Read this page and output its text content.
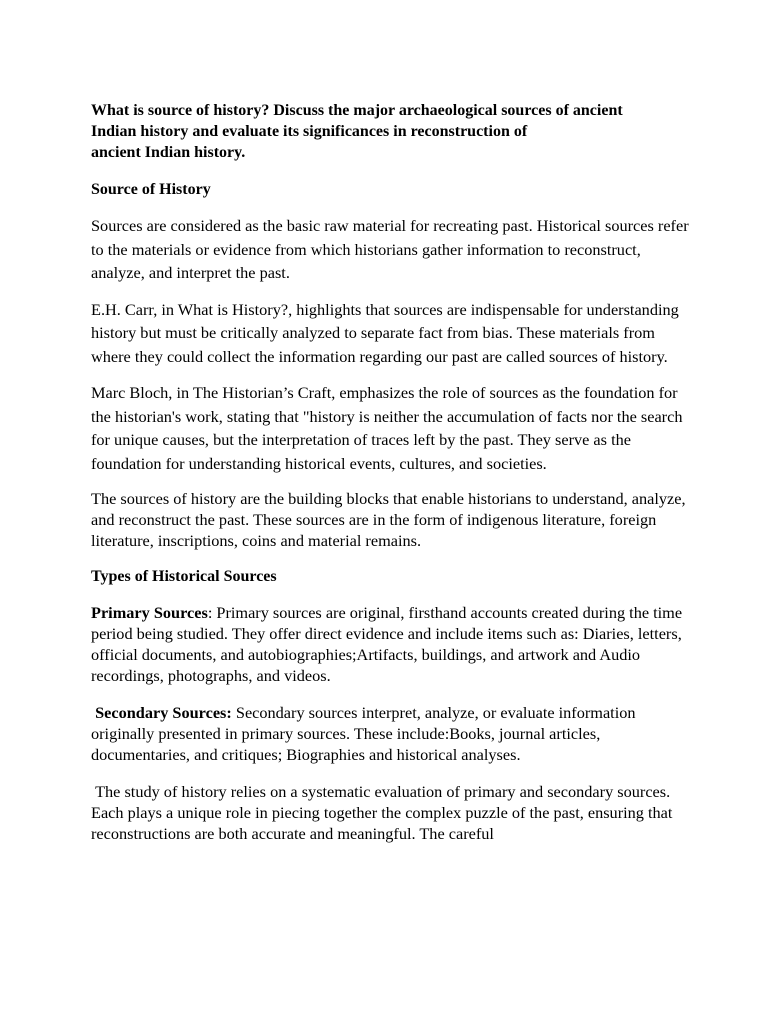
What is source of history? Discuss the major archaeological sources of ancient
Indian history and evaluate its significances in reconstruction of
ancient Indian history.

Source of History

Sources are considered as the basic raw material for recreating past. Historical sources refer to the materials or evidence from which historians gather information to reconstruct, analyze, and interpret the past.

E.H. Carr, in What is History?, highlights that sources are indispensable for understanding history but must be critically analyzed to separate fact from bias. These materials from where they could collect the information regarding our past are called sources of history.

Marc Bloch, in The Historian’s Craft, emphasizes the role of sources as the foundation for the historian's work, stating that "history is neither the accumulation of facts nor the search for unique causes, but the interpretation of traces left by the past. They serve as the foundation for understanding historical events, cultures, and societies.

The sources of history are the building blocks that enable historians to understand, analyze, and reconstruct the past. These sources are in the form of indigenous literature, foreign literature, inscriptions, coins and material remains.

Types of Historical Sources

Primary Sources: Primary sources are original, firsthand accounts created during the time period being studied. They offer direct evidence and include items such as: Diaries, letters, official documents, and autobiographies;Artifacts, buildings, and artwork and Audio recordings, photographs, and videos.

Secondary Sources: Secondary sources interpret, analyze, or evaluate information originally presented in primary sources. These include:Books, journal articles, documentaries, and critiques; Biographies and historical analyses.

The study of history relies on a systematic evaluation of primary and secondary sources. Each plays a unique role in piecing together the complex puzzle of the past, ensuring that reconstructions are both accurate and meaningful. The careful
